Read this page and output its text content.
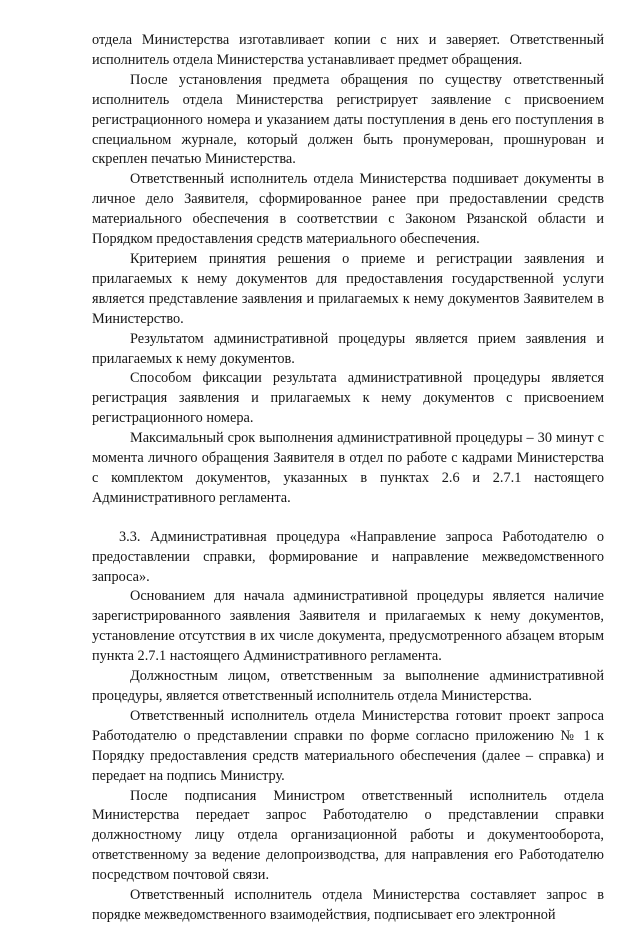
отдела Министерства изготавливает копии с них и заверяет. Ответственный исполнитель отдела Министерства устанавливает предмет обращения.

После установления предмета обращения по существу ответственный исполнитель отдела Министерства регистрирует заявление с присвоением регистрационного номера и указанием даты поступления в день его поступления в специальном журнале, который должен быть пронумерован, прошнурован и скреплен печатью Министерства.

Ответственный исполнитель отдела Министерства подшивает документы в личное дело Заявителя, сформированное ранее при предоставлении средств материального обеспечения в соответствии с Законом Рязанской области и Порядком предоставления средств материального обеспечения.

Критерием принятия решения о приеме и регистрации заявления и прилагаемых к нему документов для предоставления государственной услуги является представление заявления и прилагаемых к нему документов Заявителем в Министерство.

Результатом административной процедуры является прием заявления и прилагаемых к нему документов.

Способом фиксации результата административной процедуры является регистрация заявления и прилагаемых к нему документов с присвоением регистрационного номера.

Максимальный срок выполнения административной процедуры – 30 минут с момента личного обращения Заявителя в отдел по работе с кадрами Министерства с комплектом документов, указанных в пунктах 2.6 и 2.7.1 настоящего Административного регламента.

3.3. Административная процедура «Направление запроса Работодателю о предоставлении справки, формирование и направление межведомственного запроса».

Основанием для начала административной процедуры является наличие зарегистрированного заявления Заявителя и прилагаемых к нему документов, установление отсутствия в их числе документа, предусмотренного абзацем вторым пункта 2.7.1 настоящего Административного регламента.

Должностным лицом, ответственным за выполнение административной процедуры, является ответственный исполнитель отдела Министерства.

Ответственный исполнитель отдела Министерства готовит проект запроса Работодателю о представлении справки по форме согласно приложению № 1 к Порядку предоставления средств материального обеспечения (далее – справка) и передает на подпись Министру.

После подписания Министром ответственный исполнитель отдела Министерства передает запрос Работодателю о представлении справки должностному лицу отдела организационной работы и документооборота, ответственному за ведение делопроизводства, для направления его Работодателю посредством почтовой связи.

Ответственный исполнитель отдела Министерства составляет запрос в порядке межведомственного взаимодействия, подписывает его электронной
